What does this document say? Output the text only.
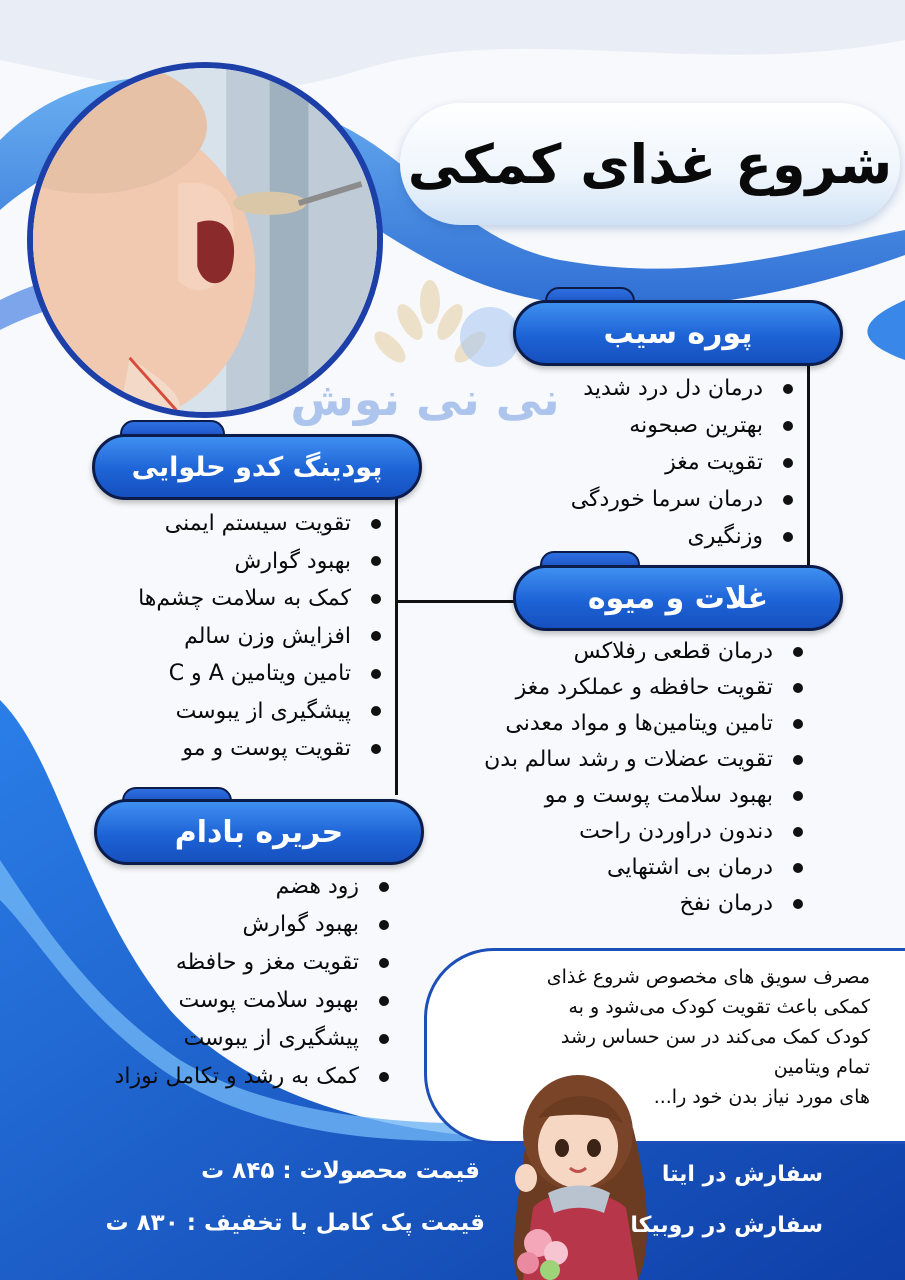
شروع غذای کمکی
نی نی نوش
پوره سیب
درمان دل درد شدید
بهترین صبحونه
تقویت مغز
درمان سرما خوردگی
وزنگیری
پودینگ کدو حلوایی
تقویت سیستم ایمنی
بهبود گوارش
کمک به سلامت چشم‌ها
افزایش وزن سالم
تامین ویتامین A و C
پیشگیری از یبوست
تقویت پوست و مو
غلات و میوه
درمان قطعی رفلاکس
تقویت حافظه و عملکرد مغز
تامین ویتامین‌ها و مواد معدنی
تقویت عضلات و رشد سالم بدن
بهبود سلامت پوست و مو
دندون دراوردن راحت
درمان بی اشتهایی
درمان نفخ
حریره بادام
زود هضم
بهبود گوارش
تقویت مغز و حافظه
بهبود سلامت پوست
پیشگیری از یبوست
کمک به رشد و تکامل نوزاد
مصرف سویق های مخصوص شروع غذای
کمکی باعث تقویت کودک می‌شود و به
کودک کمک می‌کند در سن حساس رشد
تمام ویتامین
های مورد نیاز بدن خود را...
سفارش در ایتا
سفارش در روبیکا
قیمت محصولات : ۸۴۵ ت
قیمت پک کامل با تخفیف : ۸۳۰ ت
